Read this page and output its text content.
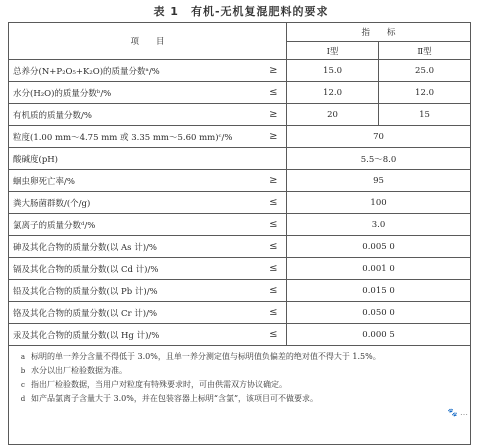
表 1　有机-无机复混肥料的要求
项　　目		指　　标	
		Ⅰ型	Ⅱ型
总养分(N+P₂O₅+K₂O)的质量分数ᵃ/%	≥	15.0	25.0
水分(H₂O)的质量分数ᵇ/%	≤	12.0	12.0
有机质的质量分数/%	≥	20	15
粒度(1.00 mm～4.75 mm 或 3.35 mm～5.60 mm)ᶜ/%	≥	70	
酸碱度(pH)		5.5～8.0	
蛔虫卵死亡率/%	≥	95	
粪大肠菌群数/(个/g)	≤	100	
氯离子的质量分数ᵈ/%	≤	3.0	
砷及其化合物的质量分数(以 As 计)/%	≤	0.005 0	
镉及其化合物的质量分数(以 Cd 计)/%	≤	0.001 0	
铅及其化合物的质量分数(以 Pb 计)/%	≤	0.015 0	
铬及其化合物的质量分数(以 Cr 计)/%	≤	0.050 0	
汞及其化合物的质量分数(以 Hg 计)/%	≤	0.000 5	

a 标明的单一养分含量不得低于 3.0%，且单一养分测定值与标明值负偏差的绝对值不得大于 1.5%。
b 水分以出厂检验数据为准。
c 指出厂检验数据，当用户对粒度有特殊要求时，可由供需双方协议确定。
d 如产品氯离子含量大于 3.0%，并在包装容器上标明“含氯”，该项目可不做要求。			
🐾 …
